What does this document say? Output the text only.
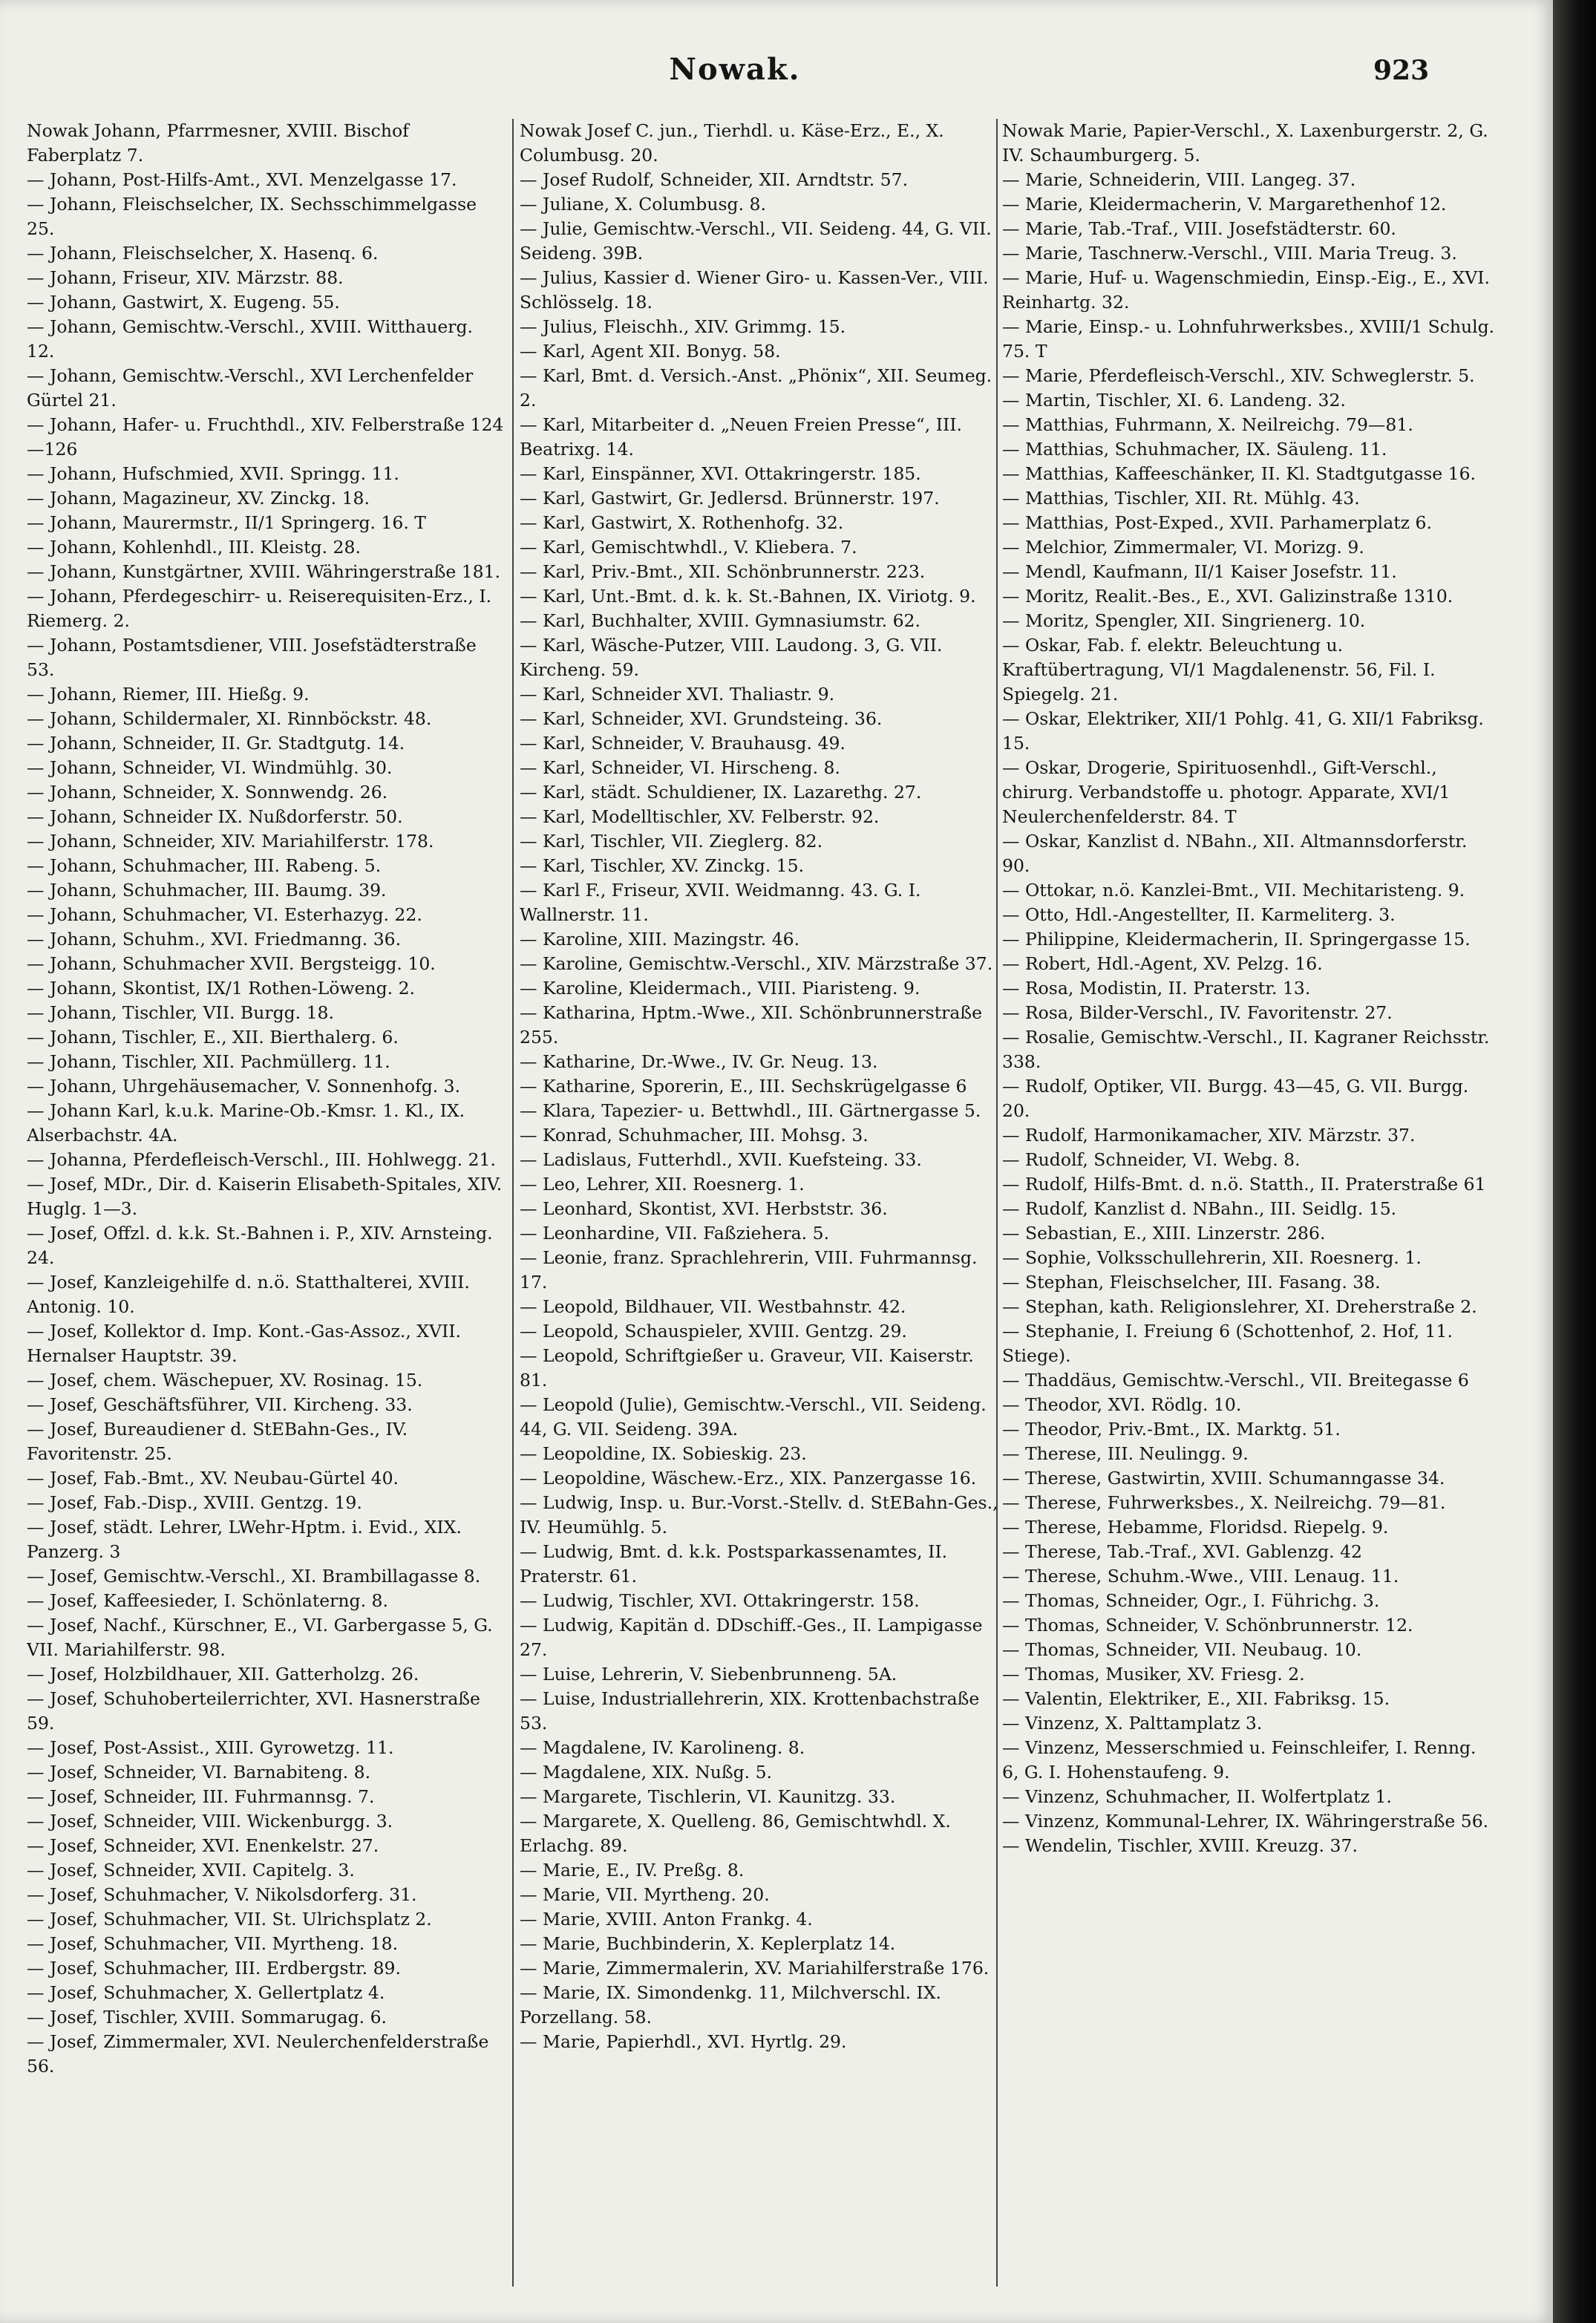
Nowak.	923

Nowak Johann, Pfarrmesner, XVIII. Bischof Faberplatz 7.

— Johann, Post-Hilfs-Amt., XVI. Menzelgasse 17.

— Johann, Fleischselcher, IX. Sechsschimmelgasse 25.

— Johann, Fleischselcher, X. Hasenq. 6.

— Johann, Friseur, XIV. Märzstr. 88.

— Johann, Gastwirt, X. Eugeng. 55.

— Johann, Gemischtw.-Verschl., XVIII. Witthauerg. 12.

— Johann, Gemischtw.-Verschl., XVI Lerchenfelder Gürtel 21.

— Johann, Hafer- u. Fruchthdl., XIV. Felberstraße 124—126

— Johann, Hufschmied, XVII. Springg. 11.

— Johann, Magazineur, XV. Zinckg. 18.

— Johann, Maurermstr., II/1 Springerg. 16. T

— Johann, Kohlenhdl., III. Kleistg. 28.

— Johann, Kunstgärtner, XVIII. Währingerstraße 181.

— Johann, Pferdegeschirr- u. Reiserequisiten-Erz., I. Riemerg. 2.

— Johann, Postamtsdiener, VIII. Josefstädterstraße 53.

— Johann, Riemer, III. Hießg. 9.

— Johann, Schildermaler, XI. Rinnböckstr. 48.

— Johann, Schneider, II. Gr. Stadtgutg. 14.

— Johann, Schneider, VI. Windmühlg. 30.

— Johann, Schneider, X. Sonnwendg. 26.

— Johann, Schneider IX. Nußdorferstr. 50.

— Johann, Schneider, XIV. Mariahilferstr. 178.

— Johann, Schuhmacher, III. Rabeng. 5.

— Johann, Schuhmacher, III. Baumg. 39.

— Johann, Schuhmacher, VI. Esterhazyg. 22.

— Johann, Schuhm., XVI. Friedmanng. 36.

— Johann, Schuhmacher XVII. Bergsteigg. 10.

— Johann, Skontist, IX/1 Rothen-Löweng. 2.

— Johann, Tischler, VII. Burgg. 18.

— Johann, Tischler, E., XII. Bierthalerg. 6.

— Johann, Tischler, XII. Pachmüllerg. 11.

— Johann, Uhrgehäusemacher, V. Sonnenhofg. 3.

— Johann Karl, k.u.k. Marine-Ob.-Kmsr. 1. Kl., IX. Alserbachstr. 4A.

— Johanna, Pferdefleisch-Verschl., III. Hohlwegg. 21.

— Josef, MDr., Dir. d. Kaiserin Elisabeth-Spitales, XIV. Huglg. 1—3.

— Josef, Offzl. d. k.k. St.-Bahnen i. P., XIV. Arnsteing. 24.

— Josef, Kanzleigehilfe d. n.ö. Statthalterei, XVIII. Antonig. 10.

— Josef, Kollektor d. Imp. Kont.-Gas-Assoz., XVII. Hernalser Hauptstr. 39.

— Josef, chem. Wäschepuer, XV. Rosinag. 15.

— Josef, Geschäftsführer, VII. Kircheng. 33.

— Josef, Bureaudiener d. StEBahn-Ges., IV. Favoritenstr. 25.

— Josef, Fab.-Bmt., XV. Neubau-Gürtel 40.

— Josef, Fab.-Disp., XVIII. Gentzg. 19.

— Josef, städt. Lehrer, LWehr-Hptm. i. Evid., XIX. Panzerg. 3

— Josef, Gemischtw.-Verschl., XI. Brambillagasse 8.

— Josef, Kaffeesieder, I. Schönlaterng. 8.

— Josef, Nachf., Kürschner, E., VI. Garbergasse 5, G. VII. Mariahilferstr. 98.

— Josef, Holzbildhauer, XII. Gatterholzg. 26.

— Josef, Schuhoberteilerrichter, XVI. Hasnerstraße 59.

— Josef, Post-Assist., XIII. Gyrowetzg. 11.

— Josef, Schneider, VI. Barnabiteng. 8.

— Josef, Schneider, III. Fuhrmannsg. 7.

— Josef, Schneider, VIII. Wickenburgg. 3.

— Josef, Schneider, XVI. Enenkelstr. 27.

— Josef, Schneider, XVII. Capitelg. 3.

— Josef, Schuhmacher, V. Nikolsdorferg. 31.

— Josef, Schuhmacher, VII. St. Ulrichsplatz 2.

— Josef, Schuhmacher, VII. Myrtheng. 18.

— Josef, Schuhmacher, III. Erdbergstr. 89.

— Josef, Schuhmacher, X. Gellertplatz 4.

— Josef, Tischler, XVIII. Sommarugag. 6.

— Josef, Zimmermaler, XVI. Neulerchenfelderstraße 56.

Nowak Josef C. jun., Tierhdl. u. Käse-Erz., E., X. Columbusg. 20.

— Josef Rudolf, Schneider, XII. Arndtstr. 57.

— Juliane, X. Columbusg. 8.

— Julie, Gemischtw.-Verschl., VII. Seideng. 44, G. VII. Seideng. 39B.

— Julius, Kassier d. Wiener Giro- u. Kassen-Ver., VIII. Schlösselg. 18.

— Julius, Fleischh., XIV. Grimmg. 15.

— Karl, Agent XII. Bonyg. 58.

— Karl, Bmt. d. Versich.-Anst. „Phönix“, XII. Seumeg. 2.

— Karl, Mitarbeiter d. „Neuen Freien Presse“, III. Beatrixg. 14.

— Karl, Einspänner, XVI. Ottakringerstr. 185.

— Karl, Gastwirt, Gr. Jedlersd. Brünnerstr. 197.

— Karl, Gastwirt, X. Rothenhofg. 32.

— Karl, Gemischtwhdl., V. Kliebera. 7.

— Karl, Priv.-Bmt., XII. Schönbrunnerstr. 223.

— Karl, Unt.-Bmt. d. k. k. St.-Bahnen, IX. Viriotg. 9.

— Karl, Buchhalter, XVIII. Gymnasiumstr. 62.

— Karl, Wäsche-Putzer, VIII. Laudong. 3, G. VII. Kircheng. 59.

— Karl, Schneider XVI. Thaliastr. 9.

— Karl, Schneider, XVI. Grundsteing. 36.

— Karl, Schneider, V. Brauhausg. 49.

— Karl, Schneider, VI. Hirscheng. 8.

— Karl, städt. Schuldiener, IX. Lazarethg. 27.

— Karl, Modelltischler, XV. Felberstr. 92.

— Karl, Tischler, VII. Zieglerg. 82.

— Karl, Tischler, XV. Zinckg. 15.

— Karl F., Friseur, XVII. Weidmanng. 43. G. I. Wallnerstr. 11.

— Karoline, XIII. Mazingstr. 46.

— Karoline, Gemischtw.-Verschl., XIV. Märzstraße 37.

— Karoline, Kleidermach., VIII. Piaristeng. 9.

— Katharina, Hptm.-Wwe., XII. Schönbrunnerstraße 255.

— Katharine, Dr.-Wwe., IV. Gr. Neug. 13.

— Katharine, Sporerin, E., III. Sechskrügelgasse 6

— Klara, Tapezier- u. Bettwhdl., III. Gärtnergasse 5.

— Konrad, Schuhmacher, III. Mohsg. 3.

— Ladislaus, Futterhdl., XVII. Kuefsteing. 33.

— Leo, Lehrer, XII. Roesnerg. 1.

— Leonhard, Skontist, XVI. Herbststr. 36.

— Leonhardine, VII. Faßziehera. 5.

— Leonie, franz. Sprachlehrerin, VIII. Fuhrmannsg. 17.

— Leopold, Bildhauer, VII. Westbahnstr. 42.

— Leopold, Schauspieler, XVIII. Gentzg. 29.

— Leopold, Schriftgießer u. Graveur, VII. Kaiserstr. 81.

— Leopold (Julie), Gemischtw.-Verschl., VII. Seideng. 44, G. VII. Seideng. 39A.

— Leopoldine, IX. Sobieskig. 23.

— Leopoldine, Wäschew.-Erz., XIX. Panzergasse 16.

— Ludwig, Insp. u. Bur.-Vorst.-Stellv. d. StEBahn-Ges., IV. Heumühlg. 5.

— Ludwig, Bmt. d. k.k. Postsparkassenamtes, II. Praterstr. 61.

— Ludwig, Tischler, XVI. Ottakringerstr. 158.

— Ludwig, Kapitän d. DDschiff.-Ges., II. Lampigasse 27.

— Luise, Lehrerin, V. Siebenbrunneng. 5A.

— Luise, Industriallehrerin, XIX. Krottenbachstraße 53.

— Magdalene, IV. Karolineng. 8.

— Magdalene, XIX. Nußg. 5.

— Margarete, Tischlerin, VI. Kaunitzg. 33.

— Margarete, X. Quelleng. 86, Gemischtwhdl. X. Erlachg. 89.

— Marie, E., IV. Preßg. 8.

— Marie, VII. Myrtheng. 20.

— Marie, XVIII. Anton Frankg. 4.

— Marie, Buchbinderin, X. Keplerplatz 14.

— Marie, Zimmermalerin, XV. Mariahilferstraße 176.

— Marie, IX. Simondenkg. 11, Milchverschl. IX. Porzellang. 58.

— Marie, Papierhdl., XVI. Hyrtlg. 29.

Nowak Marie, Papier-Verschl., X. Laxenburgerstr. 2, G. IV. Schaumburgerg. 5.

— Marie, Schneiderin, VIII. Langeg. 37.

— Marie, Kleidermacherin, V. Margarethenhof 12.

— Marie, Tab.-Traf., VIII. Josefstädterstr. 60.

— Marie, Taschnerw.-Verschl., VIII. Maria Treug. 3.

— Marie, Huf- u. Wagenschmiedin, Einsp.-Eig., E., XVI. Reinhartg. 32.

— Marie, Einsp.- u. Lohnfuhrwerksbes., XVIII/1 Schulg. 75. T

— Marie, Pferdefleisch-Verschl., XIV. Schweglerstr. 5.

— Martin, Tischler, XI. 6. Landeng. 32.

— Matthias, Fuhrmann, X. Neilreichg. 79—81.

— Matthias, Schuhmacher, IX. Säuleng. 11.

— Matthias, Kaffeeschänker, II. Kl. Stadtgutgasse 16.

— Matthias, Tischler, XII. Rt. Mühlg. 43.

— Matthias, Post-Exped., XVII. Parhamerplatz 6.

— Melchior, Zimmermaler, VI. Morizg. 9.

— Mendl, Kaufmann, II/1 Kaiser Josefstr. 11.

— Moritz, Realit.-Bes., E., XVI. Galizinstraße 1310.

— Moritz, Spengler, XII. Singrienerg. 10.

— Oskar, Fab. f. elektr. Beleuchtung u. Kraftübertragung, VI/1 Magdalenenstr. 56, Fil. I. Spiegelg. 21.

— Oskar, Elektriker, XII/1 Pohlg. 41, G. XII/1 Fabriksg. 15.

— Oskar, Drogerie, Spirituosenhdl., Gift-Verschl., chirurg. Verbandstoffe u. photogr. Apparate, XVI/1 Neulerchenfelderstr. 84. T

— Oskar, Kanzlist d. NBahn., XII. Altmannsdorferstr. 90.

— Ottokar, n.ö. Kanzlei-Bmt., VII. Mechitaristeng. 9.

— Otto, Hdl.-Angestellter, II. Karmeliterg. 3.

— Philippine, Kleidermacherin, II. Springergasse 15.

— Robert, Hdl.-Agent, XV. Pelzg. 16.

— Rosa, Modistin, II. Praterstr. 13.

— Rosa, Bilder-Verschl., IV. Favoritenstr. 27.

— Rosalie, Gemischtw.-Verschl., II. Kagraner Reichsstr. 338.

— Rudolf, Optiker, VII. Burgg. 43—45, G. VII. Burgg. 20.

— Rudolf, Harmonikamacher, XIV. Märzstr. 37.

— Rudolf, Schneider, VI. Webg. 8.

— Rudolf, Hilfs-Bmt. d. n.ö. Statth., II. Praterstraße 61

— Rudolf, Kanzlist d. NBahn., III. Seidlg. 15.

— Sebastian, E., XIII. Linzerstr. 286.

— Sophie, Volksschullehrerin, XII. Roesnerg. 1.

— Stephan, Fleischselcher, III. Fasang. 38.

— Stephan, kath. Religionslehrer, XI. Dreherstraße 2.

— Stephanie, I. Freiung 6 (Schottenhof, 2. Hof, 11. Stiege).

— Thaddäus, Gemischtw.-Verschl., VII. Breitegasse 6

— Theodor, XVI. Rödlg. 10.

— Theodor, Priv.-Bmt., IX. Marktg. 51.

— Therese, III. Neulingg. 9.

— Therese, Gastwirtin, XVIII. Schumanngasse 34.

— Therese, Fuhrwerksbes., X. Neilreichg. 79—81.

— Therese, Hebamme, Floridsd. Riepelg. 9.

— Therese, Tab.-Traf., XVI. Gablenzg. 42

— Therese, Schuhm.-Wwe., VIII. Lenaug. 11.

— Thomas, Schneider, Ogr., I. Führichg. 3.

— Thomas, Schneider, V. Schönbrunnerstr. 12.

— Thomas, Schneider, VII. Neubaug. 10.

— Thomas, Musiker, XV. Friesg. 2.

— Valentin, Elektriker, E., XII. Fabriksg. 15.

— Vinzenz, X. Palttamplatz 3.

— Vinzenz, Messerschmied u. Feinschleifer, I. Renng. 6, G. I. Hohenstaufeng. 9.

— Vinzenz, Schuhmacher, II. Wolfertplatz 1.

— Vinzenz, Kommunal-Lehrer, IX. Währingerstraße 56.

— Wendelin, Tischler, XVIII. Kreuzg. 37.
